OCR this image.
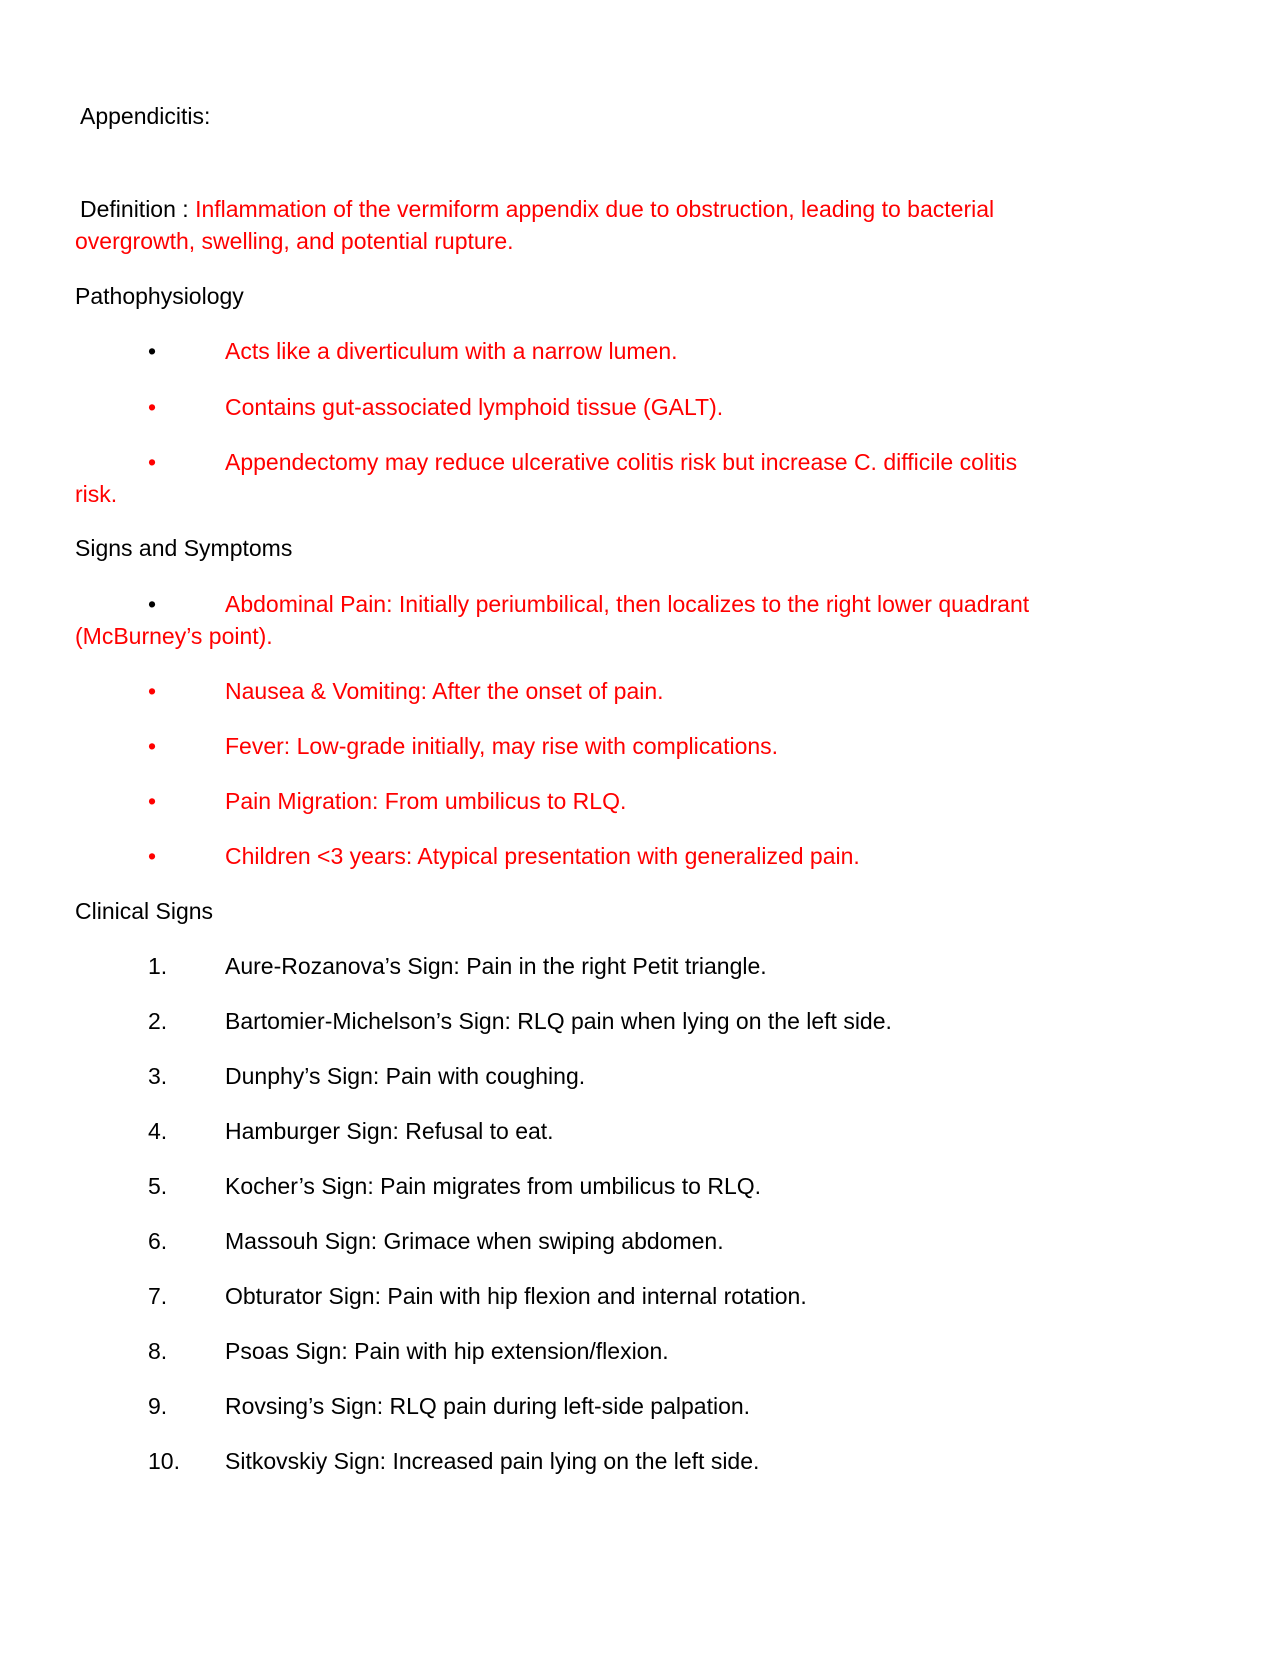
Appendicitis:
Definition : Inflammation of the vermiform appendix due to obstruction, leading to bacterial
overgrowth, swelling, and potential rupture.
Pathophysiology
•	Acts like a diverticulum with a narrow lumen.
•	Contains gut-associated lymphoid tissue (GALT).
•	Appendectomy may reduce ulcerative colitis risk but increase C. difficile colitis
risk.
Signs and Symptoms
•	Abdominal Pain: Initially periumbilical, then localizes to the right lower quadrant
(McBurney’s point).
•	Nausea & Vomiting: After the onset of pain.
•	Fever: Low-grade initially, may rise with complications.
•	Pain Migration: From umbilicus to RLQ.
•	Children <3 years: Atypical presentation with generalized pain.
Clinical Signs
1.	Aure-Rozanova’s Sign: Pain in the right Petit triangle.
2.	Bartomier-Michelson’s Sign: RLQ pain when lying on the left side.
3.	Dunphy’s Sign: Pain with coughing.
4.	Hamburger Sign: Refusal to eat.
5.	Kocher’s Sign: Pain migrates from umbilicus to RLQ.
6.	Massouh Sign: Grimace when swiping abdomen.
7.	Obturator Sign: Pain with hip flexion and internal rotation.
8.	Psoas Sign: Pain with hip extension/flexion.
9.	Rovsing’s Sign: RLQ pain during left-side palpation.
10.	Sitkovskiy Sign: Increased pain lying on the left side.
